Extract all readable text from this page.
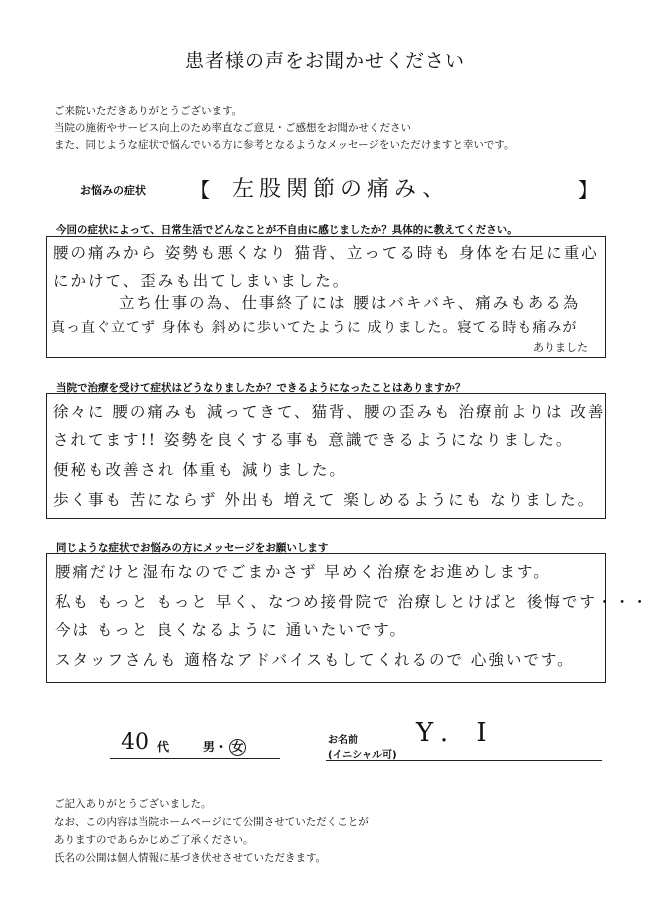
患者様の声をお聞かせください
ご来院いただきありがとうございます。
当院の施術やサービス向上のため率直なご意見・ご感想をお聞かせください
また、同じような症状で悩んでいる方に参考となるようなメッセージをいただけますと幸いです。
お悩みの症状 【 左股関節の痛み、	】
今回の症状によって、日常生活でどんなことが不自由に感じましたか？具体的に教えてください。
腰の痛みから 姿勢も悪くなり 猫背、立ってる時も 身体を右足に重心
にかけて、歪みも出てしまいました。
立ち仕事の為、仕事終了には 腰はバキバキ、痛みもある為
真っ直ぐ立てず 身体も 斜めに歩いてたように 成りました。寝てる時も痛みが
ありました
当院で治療を受けて症状はどうなりましたか？できるようになったことはありますか？
徐々に 腰の痛みも 減ってきて、猫背、腰の歪みも 治療前よりは 改善
されてます!! 姿勢を良くする事も 意識できるようになりました。
便秘も改善され 体重も 減りました。
歩く事も 苦にならず 外出も 増えて 楽しめるようにも なりました。
同じような症状でお悩みの方にメッセージをお願いします
腰痛だけと湿布なのでごまかさず 早めく治療をお進めします。
私も もっと もっと 早く、なつめ接骨院で 治療しとけばと 後悔です・・・
今は もっと 良くなるように 通いたいです。
スタッフさんも 適格なアドバイスもしてくれるので 心強いです。
40 代	男・ 女	お名前
(イニシャル可)
Y. I
ご記入ありがとうございました。
なお、この内容は当院ホームページにて公開させていただくことが
ありますのであらかじめご了承ください。
氏名の公開は個人情報に基づき伏せさせていただきます。
